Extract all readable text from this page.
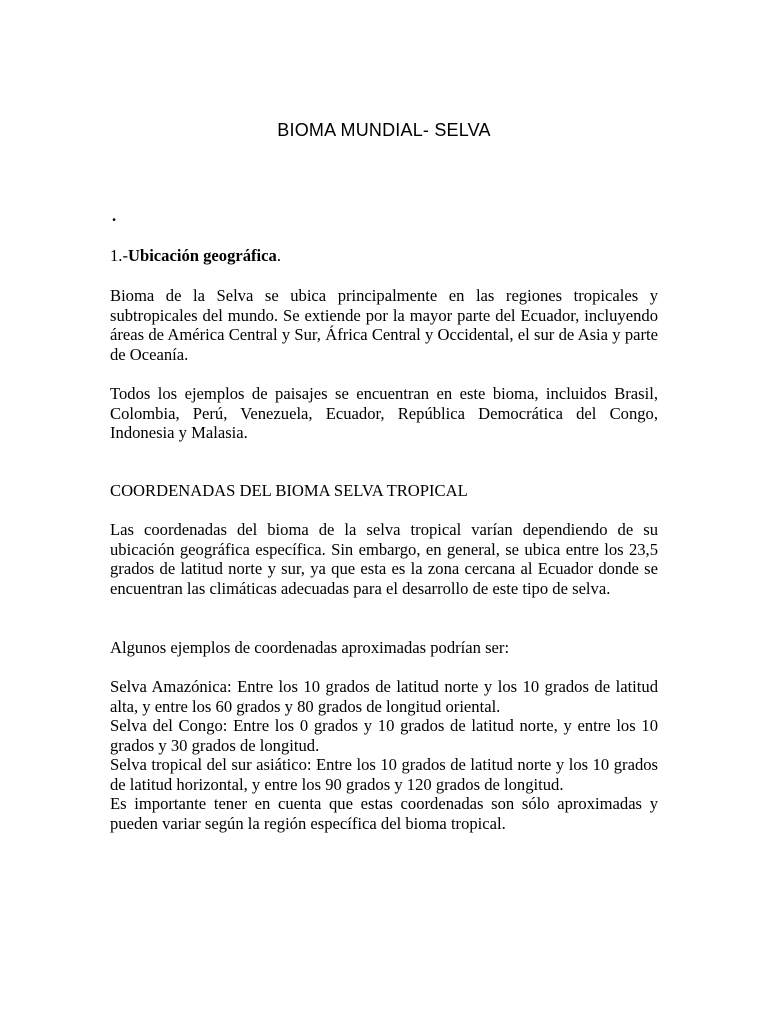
BIOMA MUNDIAL- SELVA
.

1.-Ubicación geográfica.

Bioma de la Selva se ubica principalmente en las regiones tropicales y subtropicales del mundo. Se extiende por la mayor parte del Ecuador, incluyendo áreas de América Central y Sur, África Central y Occidental, el sur de Asia y parte de Oceanía.

Todos los ejemplos de paisajes se encuentran en este bioma, incluidos Brasil, Colombia, Perú, Venezuela, Ecuador, República Democrática del Congo, Indonesia y Malasia.

COORDENADAS DEL BIOMA SELVA TROPICAL

Las coordenadas del bioma de la selva tropical varían dependiendo de su ubicación geográfica específica. Sin embargo, en general, se ubica entre los 23,5 grados de latitud norte y sur, ya que esta es la zona cercana al Ecuador donde se encuentran las climáticas adecuadas para el desarrollo de este tipo de selva.

Algunos ejemplos de coordenadas aproximadas podrían ser:

Selva Amazónica: Entre los 10 grados de latitud norte y los 10 grados de latitud alta, y entre los 60 grados y 80 grados de longitud oriental.
Selva del Congo: Entre los 0 grados y 10 grados de latitud norte, y entre los 10 grados y 30 grados de longitud.
Selva tropical del sur asiático: Entre los 10 grados de latitud norte y los 10 grados de latitud horizontal, y entre los 90 grados y 120 grados de longitud.
Es importante tener en cuenta que estas coordenadas son sólo aproximadas y pueden variar según la región específica del bioma tropical.
